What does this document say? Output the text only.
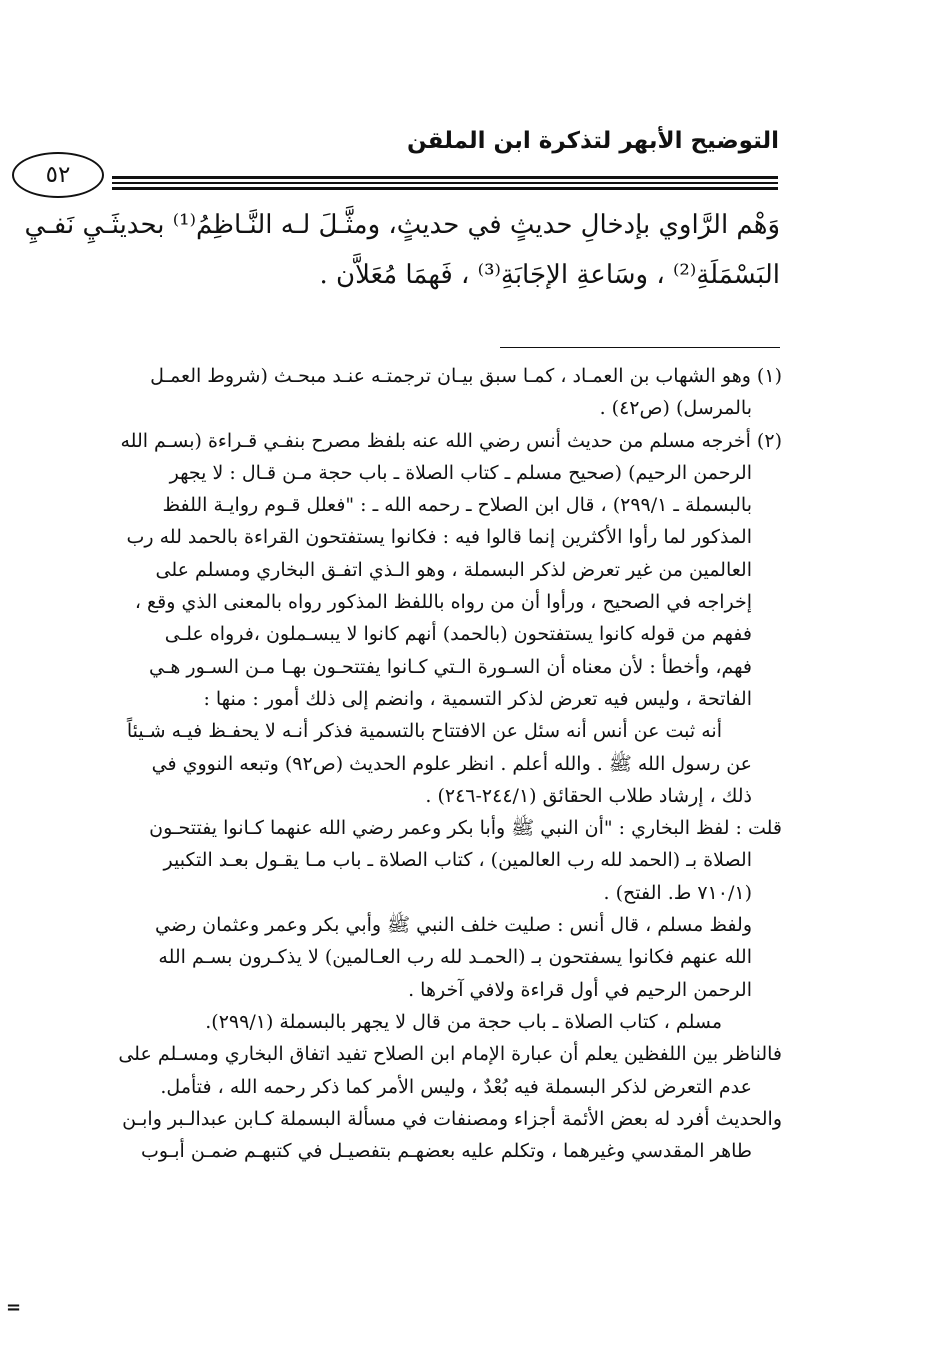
التوضيح الأبهر لتذكرة ابن الملقن
٥٢
وَهْم الرَّاوي بإدخالِ حديثٍ في حديثٍ، ومثَّـلَ لـه النَّـاظِمُ⁽¹⁾ بحديثَـيِ نَفـيِ
البَسْمَلَةِ⁽²⁾ ، وسَاعةِ الإجَابَةِ⁽³⁾ ، فَهمَا مُعَلاَّن .
(١) وهو الشهاب بن العمـاد ، كمـا سبق بيـان ترجمتـه عنـد مبحـث (شروط العمـل
بالمرسل) (ص٤٢) .
(٢) أخرجه مسلم من حديث أنس رضي الله عنه بلفظ مصرح بنفـي قـراءة (بسـم الله
الرحمن الرحيم) (صحيح مسلم ـ كتاب الصلاة ـ باب حجة مـن قـال : لا يجهر
بالبسملة ـ ٢٩٩/١) ، قال ابن الصلاح ـ رحمه الله ـ : "فعلل قـوم روايـة اللفظ
المذكور لما رأوا الأكثرين إنما قالوا فيه : فكانوا يستفتحون القراءة بالحمد لله رب
العالمين من غير تعرض لذكر البسملة ، وهو الـذي اتفـق البخاري ومسلم على
إخراجه في الصحيح ، ورأوا أن من رواه باللفظ المذكور رواه بالمعنى الذي وقع ،
ففهم من قوله كانوا يستفتحون (بالحمد) أنهم كانوا لا يبسـملون ،فرواه علـى
فهم، وأخطأ : لأن معناه أن السـورة الـتي كـانوا يفتتحـون بهـا مـن السـور هـي
الفاتحة ، وليس فيه تعرض لذكر التسمية ، وانضم إلى ذلك أمور : منها :
أنه ثبت عن أنس أنه سئل عن الافتتاح بالتسمية فذكر أنـه لا يحفـظ فيـه شـيئاً
عن رسول الله ﷺ . والله أعلم . انظر علوم الحديث (ص٩٢) وتبعه النووي في
ذلك ، إرشاد طلاب الحقائق (٢٤٤/١-٢٤٦) .
قلت : لفظ البخاري : "أن النبي ﷺ وأبا بكر وعمر رضي الله عنهما كـانوا يفتتحـون
الصلاة بـ (الحمد لله رب العالمين) ، كتاب الصلاة ـ باب مـا يقـول بعـد التكبير
(٧١٠/١ ط. الفتح) .
ولفظ مسلم ، قال أنس : صليت خلف النبي ﷺ وأبي بكر وعمر وعثمان رضي
الله عنهم فكانوا يسفتحون بـ (الحمـد لله رب العـالمين) لا يذكـرون بسـم الله
الرحمن الرحيم في أول قراءة ولافي آخرها .
مسلم ، كتاب الصلاة ـ باب حجة من قال لا يجهر بالبسملة (٢٩٩/١).
فالناظر بين اللفظين يعلم أن عبارة الإمام ابن الصلاح تفيد اتفاق البخاري ومسـلم على
عدم التعرض لذكر البسملة فيه بُعْدٌ ، وليس الأمر كما ذكر رحمه الله ، فتأمل.
والحديث أفرد له بعض الأئمة أجزاء ومصنفات في مسألة البسملة كـابن عبدالـبر وابـن
طاهر المقدسي وغيرهما ، وتكلم عليه بعضهـم بتفصيـل في كتبهـم ضمـن أبـوب
=
